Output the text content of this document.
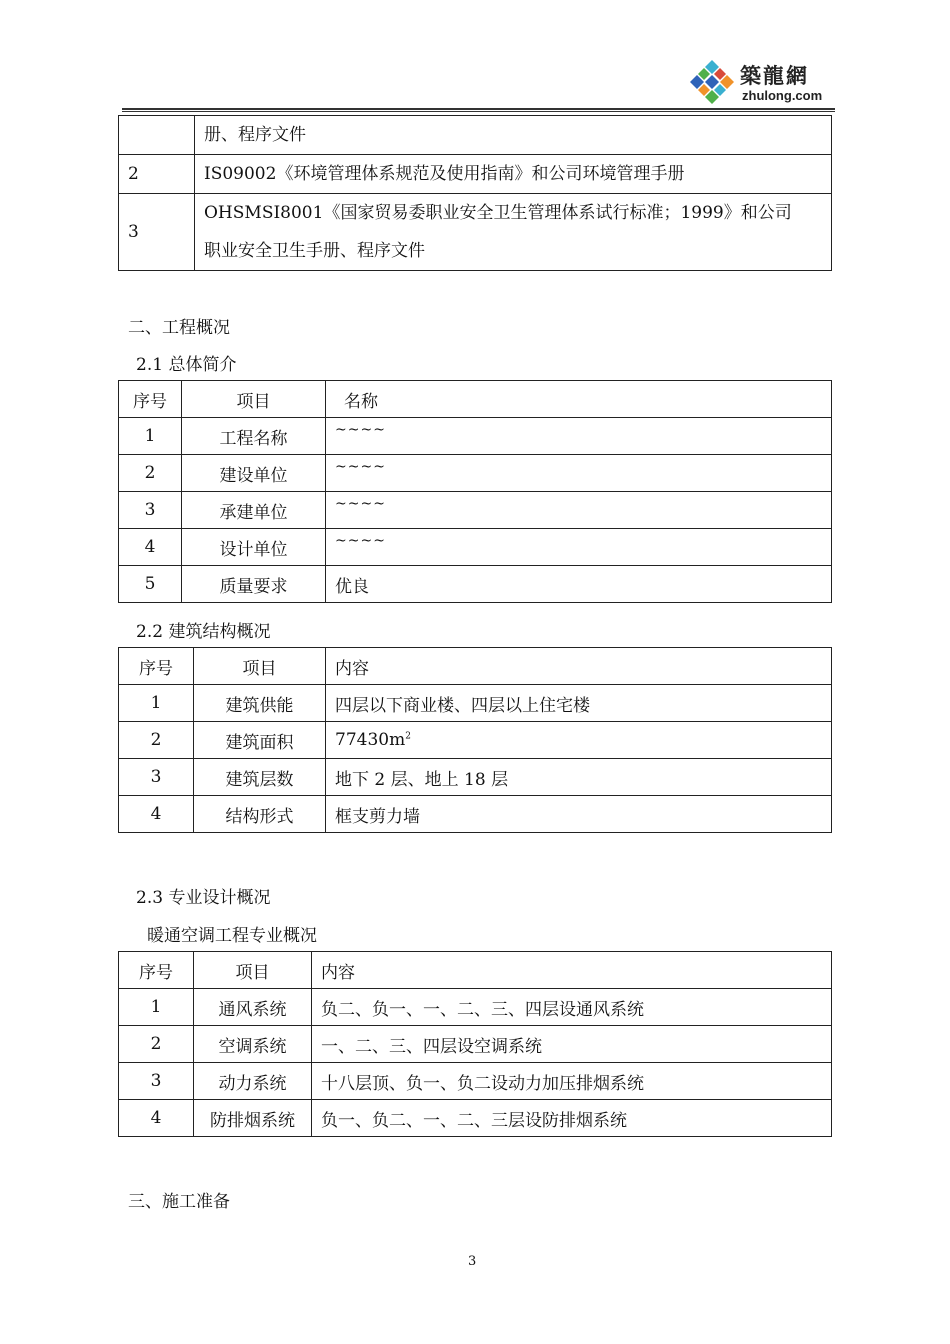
築龍網
zhulong.com
	册、程序文件
2	IS09002《环境管理体系规范及使用指南》和公司环境管理手册
3	OHSMSI8001《国家贸易委职业安全卫生管理体系试行标准；1999》和公司
职业安全卫生手册、程序文件
二、工程概况
2.1 总体简介
序号	项目	名称
1	工程名称	~~~~
2	建设单位	~~~~
3	承建单位	~~~~
4	设计单位	~~~~
5	质量要求	优良
2.2 建筑结构概况
序号	项目	内容
1	建筑供能	四层以下商业楼、四层以上住宅楼
2	建筑面积	$77430m^2$
3	建筑层数	地下 2 层、地上 18 层
4	结构形式	框支剪力墙
2.3 专业设计概况
暖通空调工程专业概况
序号	项目	内容
1	通风系统	负二、负一、一、二、三、四层设通风系统
2	空调系统	一、二、三、四层设空调系统
3	动力系统	十八层顶、负一、负二设动力加压排烟系统
4	防排烟系统	负一、负二、一、二、三层设防排烟系统
三、施工准备
3
